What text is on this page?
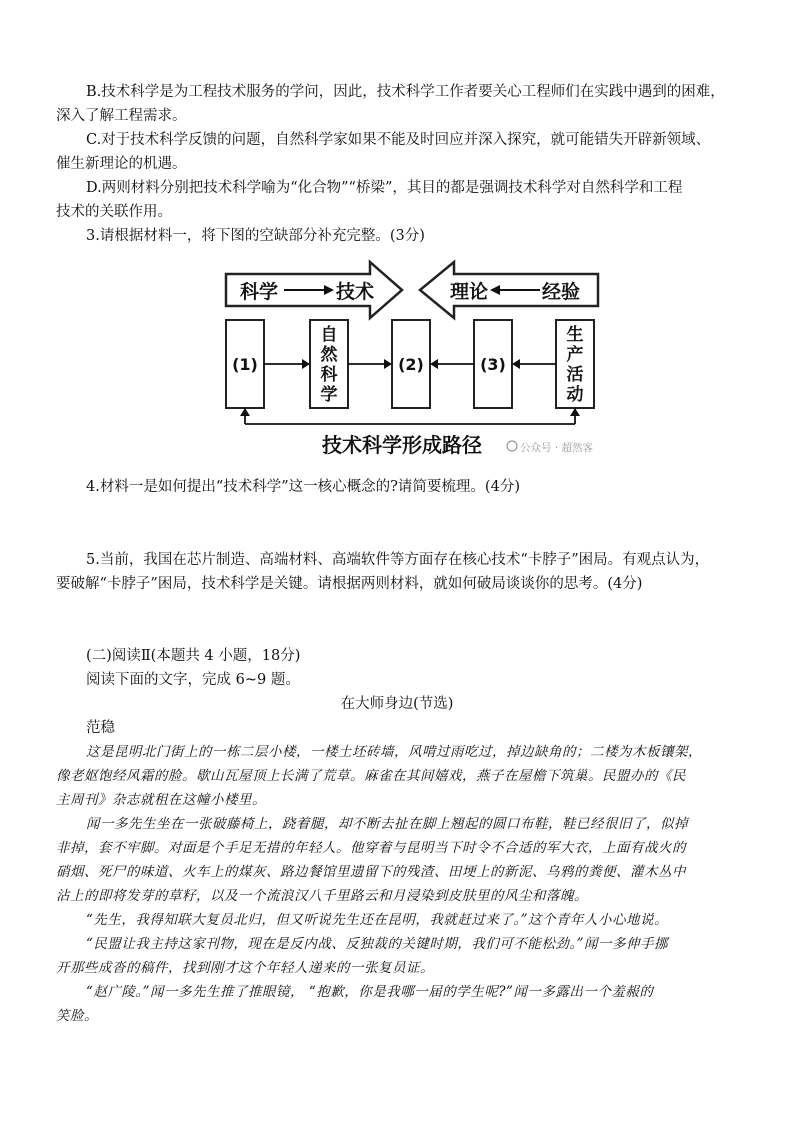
B.技术科学是为工程技术服务的学问，因此，技术科学工作者要关心工程师们在实践中遇到的困难，
深入了解工程需求。
C.对于技术科学反馈的问题，自然科学家如果不能及时回应并深入探究，就可能错失开辟新领域、
催生新理论的机遇。
D.两则材料分别把技术科学喻为“化合物”“桥梁”，其目的都是强调技术科学对自然科学和工程
技术的关联作用。
3.请根据材料一，将下图的空缺部分补充完整。(3分)
科学	技术	理论	经验
(1)
自
然
科
学
(2)	(3)
生
产
活
动
技术科学形成路径	公众号 · 超然客
4.材料一是如何提出“技术科学”这一核心概念的?请简要梳理。(4分)
5.当前，我国在芯片制造、高端材料、高端软件等方面存在核心技术“卡脖子”困局。有观点认为，
要破解“卡脖子”困局，技术科学是关键。请根据两则材料，就如何破局谈谈你的思考。(4分)
(二)阅读Ⅱ(本题共 4 小题，18分)
阅读下面的文字，完成 6~9 题。
在大师身边(节选)
范稳
这是昆明北门街上的一栋二层小楼，一楼土坯砖墙，风啃过雨吃过，掉边缺角的；二楼为木板镶架，
像老妪饱经风霜的脸。歇山瓦屋顶上长满了荒草。麻雀在其间嬉戏，燕子在屋檐下筑巢。民盟办的《民
主周刊》杂志就租在这幢小楼里。
闻一多先生坐在一张破藤椅上，跷着腿，却不断去扯在脚上翘起的圆口布鞋，鞋已经很旧了，似掉
非掉，套不牢脚。对面是个手足无措的年轻人。他穿着与昆明当下时令不合适的军大衣，上面有战火的
硝烟、死尸的味道、火车上的煤灰、路边餐馆里遗留下的残渣、田埂上的新泥、乌鸦的粪便、灌木丛中
沾上的即将发芽的草籽，以及一个流浪汉八千里路云和月浸染到皮肤里的风尘和落魄。
“先生，我得知联大复员北归，但又听说先生还在昆明，我就赶过来了。”这个青年人小心地说。
“民盟让我主持这家刊物，现在是反内战、反独裁的关键时期，我们可不能松劲。”闻一多伸手挪
开那些成沓的稿件，找到刚才这个年轻人递来的一张复员证。
“赵广陵。”闻一多先生推了推眼镜， “抱歉，你是我哪一届的学生呢?”闻一多露出一个羞赧的
笑脸。
